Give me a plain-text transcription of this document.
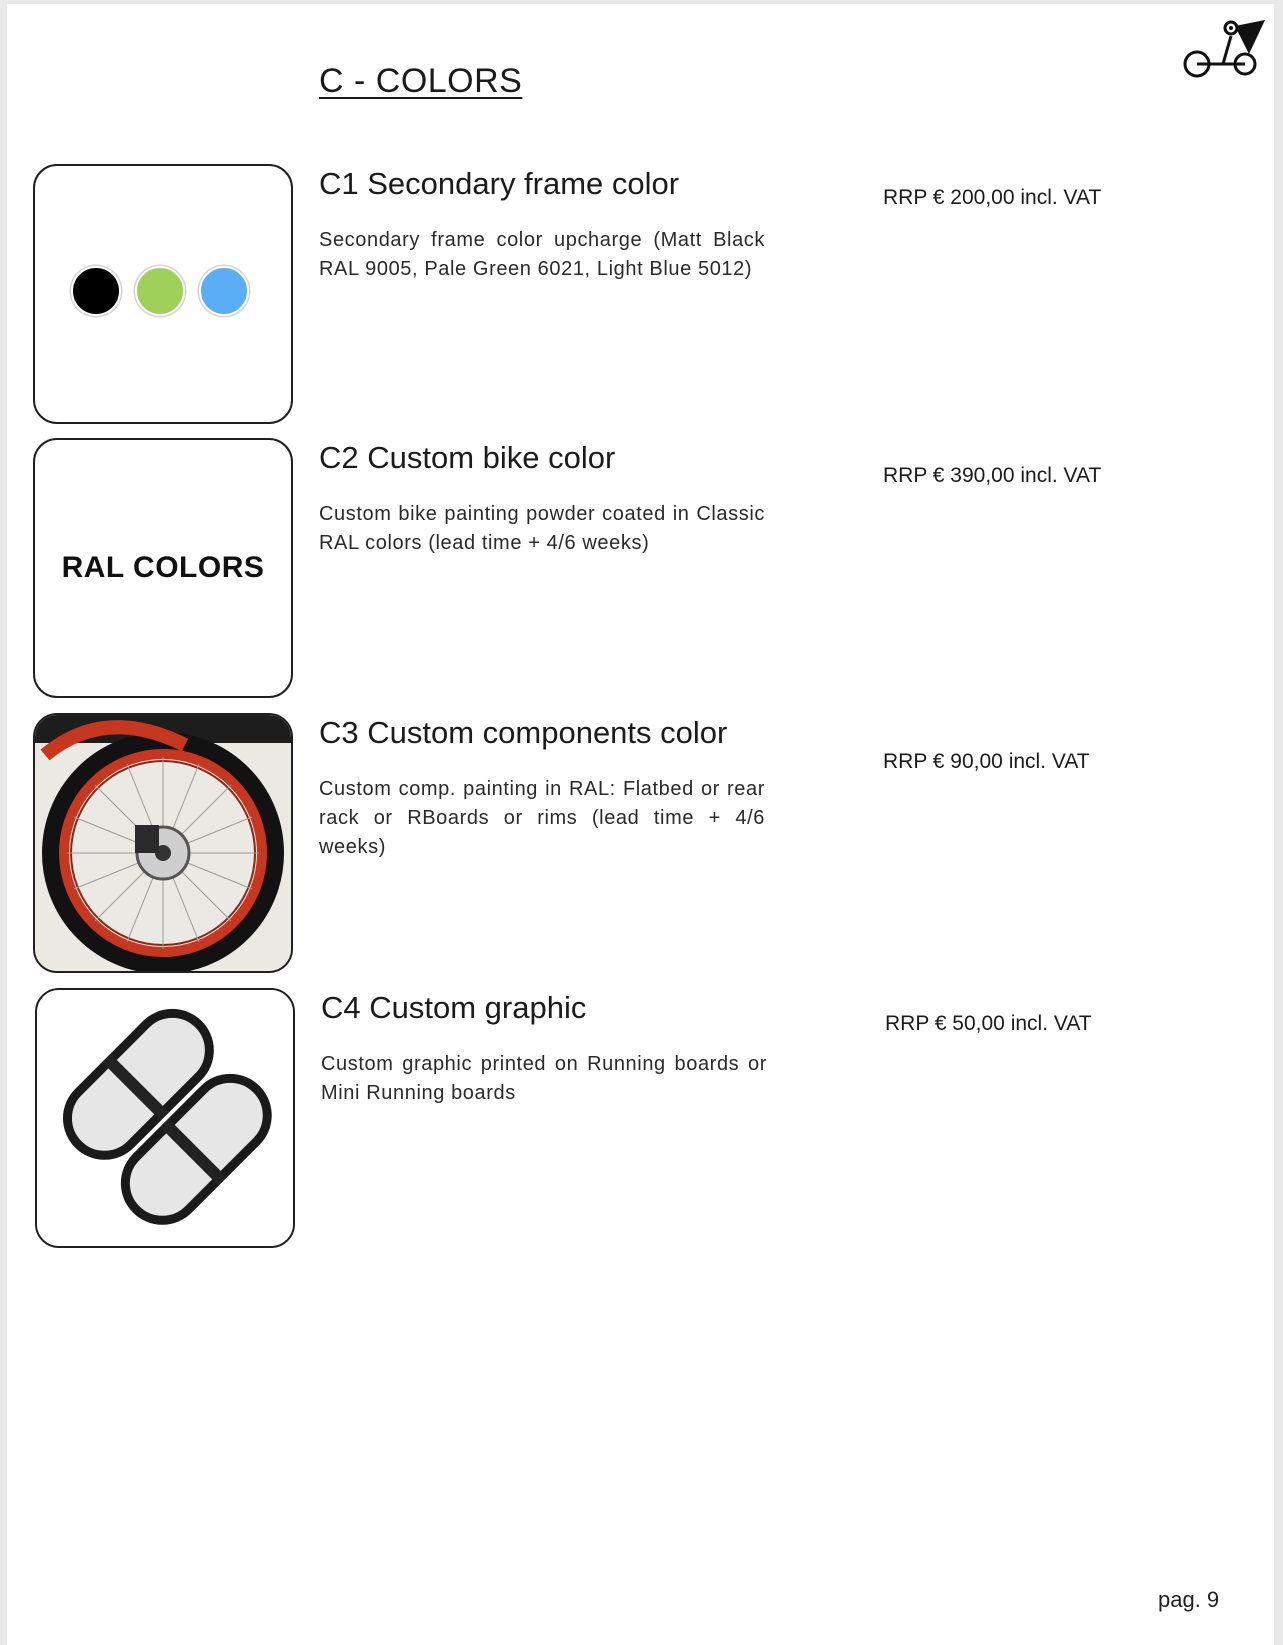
C - COLORS
C1 Secondary frame color

Secondary frame color upcharge (Matt Black RAL 9005, Pale Green 6021, Light Blue 5012)

RRP € 200,00 incl. VAT
RAL COLORS
C2 Custom bike color

Custom bike painting powder coated in Classic RAL colors (lead time + 4/6 weeks)

RRP € 390,00 incl. VAT
C3 Custom components color

Custom comp. painting in RAL: Flatbed or rear rack or RBoards or rims (lead time + 4/6 weeks)

RRP € 90,00 incl. VAT
C4 Custom graphic

Custom graphic printed on Running boards or Mini Running boards

RRP € 50,00 incl. VAT
pag. 9
